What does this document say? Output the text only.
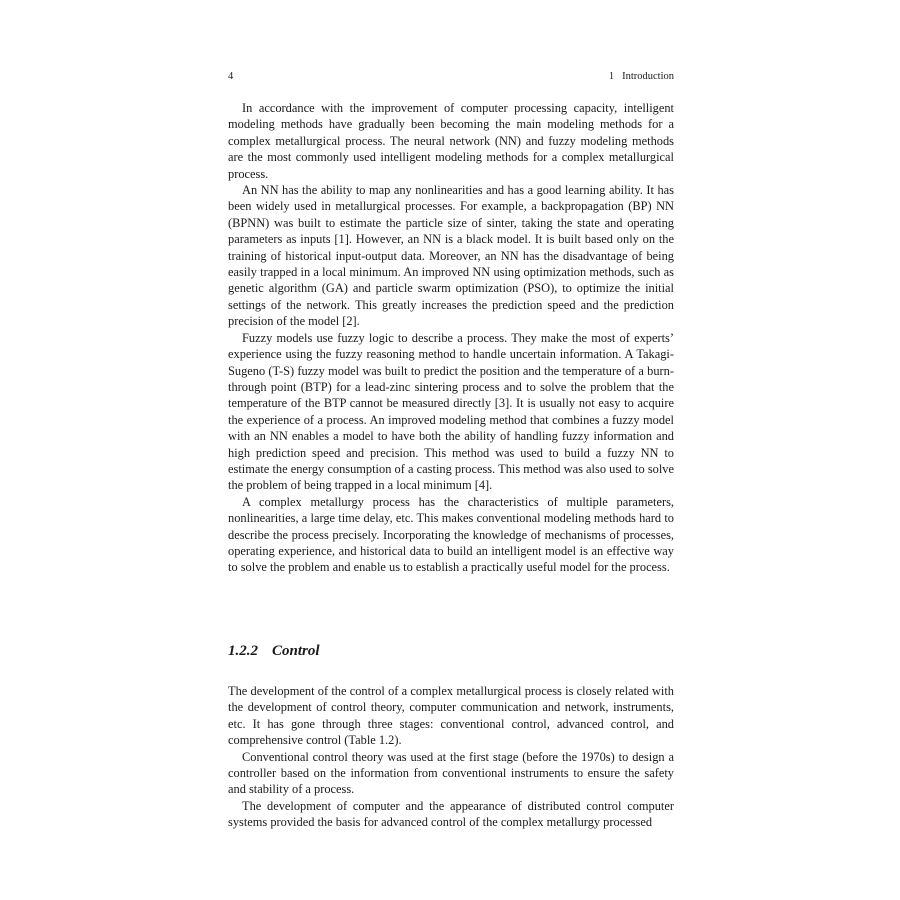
4	1 Introduction

In accordance with the improvement of computer processing capacity, intelligent modeling methods have gradually been becoming the main modeling methods for a complex metallurgical process. The neural network (NN) and fuzzy modeling methods are the most commonly used intelligent modeling methods for a complex metallurgical process.

An NN has the ability to map any nonlinearities and has a good learning ability. It has been widely used in metallurgical processes. For example, a backpropagation (BP) NN (BPNN) was built to estimate the particle size of sinter, taking the state and operating parameters as inputs [1]. However, an NN is a black model. It is built based only on the training of historical input-output data. Moreover, an NN has the disadvantage of being easily trapped in a local minimum. An improved NN using optimization methods, such as genetic algorithm (GA) and particle swarm optimization (PSO), to optimize the initial settings of the network. This greatly increases the prediction speed and the prediction precision of the model [2].

Fuzzy models use fuzzy logic to describe a process. They make the most of experts’ experience using the fuzzy reasoning method to handle uncertain information. A Takagi-Sugeno (T-S) fuzzy model was built to predict the position and the temperature of a burn-through point (BTP) for a lead-zinc sintering process and to solve the problem that the temperature of the BTP cannot be measured directly [3]. It is usually not easy to acquire the experience of a process. An improved modeling method that combines a fuzzy model with an NN enables a model to have both the ability of handling fuzzy information and high prediction speed and precision. This method was used to build a fuzzy NN to estimate the energy consumption of a casting process. This method was also used to solve the problem of being trapped in a local minimum [4].

A complex metallurgy process has the characteristics of multiple parameters, nonlinearities, a large time delay, etc. This makes conventional modeling methods hard to describe the process precisely. Incorporating the knowledge of mechanisms of processes, operating experience, and historical data to build an intelligent model is an effective way to solve the problem and enable us to establish a practically useful model for the process.

1.2.2 Control

The development of the control of a complex metallurgical process is closely related with the development of control theory, computer communication and network, instruments, etc. It has gone through three stages: conventional control, advanced control, and comprehensive control (Table 1.2).

Conventional control theory was used at the first stage (before the 1970s) to design a controller based on the information from conventional instruments to ensure the safety and stability of a process.

The development of computer and the appearance of distributed control computer systems provided the basis for advanced control of the complex metallurgy processed
